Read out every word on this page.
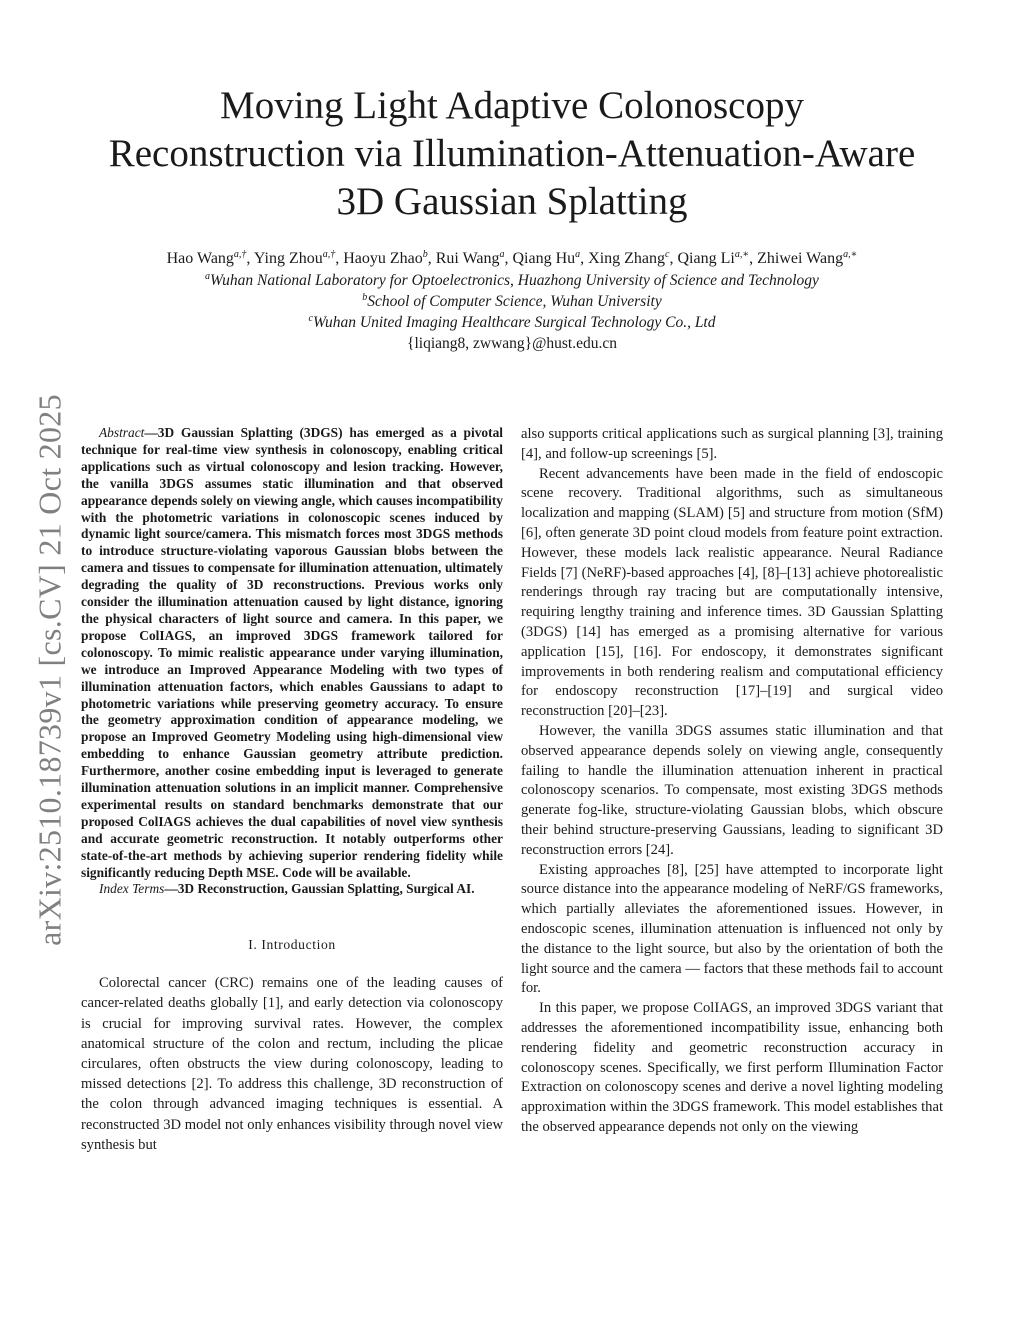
arXiv:2510.18739v1 [cs.CV] 21 Oct 2025
Moving Light Adaptive Colonoscopy
Reconstruction via Illumination-Attenuation-Aware
3D Gaussian Splatting
Hao Wang$^{a,\dagger}$, Ying Zhou$^{a,\dagger}$, Haoyu Zhao$^b$, Rui Wang$^a$, Qiang Hu$^a$, Xing Zhang$^c$, Qiang $Li^{a,∗}$, Zhiwei Wang$^{a,∗}$
$^a$Wuhan National Laboratory for Optoelectronics, Huazhong University of Science and Technology
$^b$School of Computer Science, Wuhan University
$^c$Wuhan United Imaging Healthcare Surgical Technology Co., Ltd
{liqiang8, zwwang}@hust.edu.cn

Abstract—3D Gaussian Splatting (3DGS) has emerged as a pivotal technique for real-time view synthesis in colonoscopy, enabling critical applications such as virtual colonoscopy and lesion tracking. However, the vanilla 3DGS assumes static illumination and that observed appearance depends solely on viewing angle, which causes incompatibility with the photometric variations in colonoscopic scenes induced by dynamic light source/camera. This mismatch forces most 3DGS methods to introduce structure-violating vaporous Gaussian blobs between the camera and tissues to compensate for illumination attenuation, ultimately degrading the quality of 3D reconstructions. Previous works only consider the illumination attenuation caused by light distance, ignoring the physical characters of light source and camera. In this paper, we propose ColIAGS, an improved 3DGS framework tailored for colonoscopy. To mimic realistic appearance under varying illumination, we introduce an Improved Appearance Modeling with two types of illumination attenuation factors, which enables Gaussians to adapt to photometric variations while preserving geometry accuracy. To ensure the geometry approximation condition of appearance modeling, we propose an Improved Geometry Modeling using high-dimensional view embedding to enhance Gaussian geometry attribute prediction. Furthermore, another cosine embedding input is leveraged to generate illumination attenuation solutions in an implicit manner. Comprehensive experimental results on standard benchmarks demonstrate that our proposed ColIAGS achieves the dual capabilities of novel view synthesis and accurate geometric reconstruction. It notably outperforms other state-of-the-art methods by achieving superior rendering fidelity while significantly reducing Depth MSE. Code will be available.

Index Terms—3D Reconstruction, Gaussian Splatting, Surgical AI.

I. Introduction

Colorectal cancer (CRC) remains one of the leading causes of cancer-related deaths globally [1], and early detection via colonoscopy is crucial for improving survival rates. However, the complex anatomical structure of the colon and rectum, including the plicae circulares, often obstructs the view during colonoscopy, leading to missed detections [2]. To address this challenge, 3D reconstruction of the colon through advanced imaging techniques is essential. A reconstructed 3D model not only enhances visibility through novel view synthesis but

also supports critical applications such as surgical planning [3], training [4], and follow-up screenings [5].

Recent advancements have been made in the field of endoscopic scene recovery. Traditional algorithms, such as simultaneous localization and mapping (SLAM) [5] and structure from motion (SfM) [6], often generate 3D point cloud models from feature point extraction. However, these models lack realistic appearance. Neural Radiance Fields [7] (NeRF)-based approaches [4], [8]–[13] achieve photorealistic renderings through ray tracing but are computationally intensive, requiring lengthy training and inference times. 3D Gaussian Splatting (3DGS) [14] has emerged as a promising alternative for various application [15], [16]. For endoscopy, it demonstrates significant improvements in both rendering realism and computational efficiency for endoscopy reconstruction [17]–[19] and surgical video reconstruction [20]–[23].

However, the vanilla 3DGS assumes static illumination and that observed appearance depends solely on viewing angle, consequently failing to handle the illumination attenuation inherent in practical colonoscopy scenarios. To compensate, most existing 3DGS methods generate fog-like, structure-violating Gaussian blobs, which obscure their behind structure-preserving Gaussians, leading to significant 3D reconstruction errors [24].

Existing approaches [8], [25] have attempted to incorporate light source distance into the appearance modeling of NeRF/GS frameworks, which partially alleviates the aforementioned issues. However, in endoscopic scenes, illumination attenuation is influenced not only by the distance to the light source, but also by the orientation of both the light source and the camera — factors that these methods fail to account for.

In this paper, we propose ColIAGS, an improved 3DGS variant that addresses the aforementioned incompatibility issue, enhancing both rendering fidelity and geometric reconstruction accuracy in colonoscopy scenes. Specifically, we first perform Illumination Factor Extraction on colonoscopy scenes and derive a novel lighting modeling approximation within the 3DGS framework. This model establishes that the observed appearance depends not only on the viewing
